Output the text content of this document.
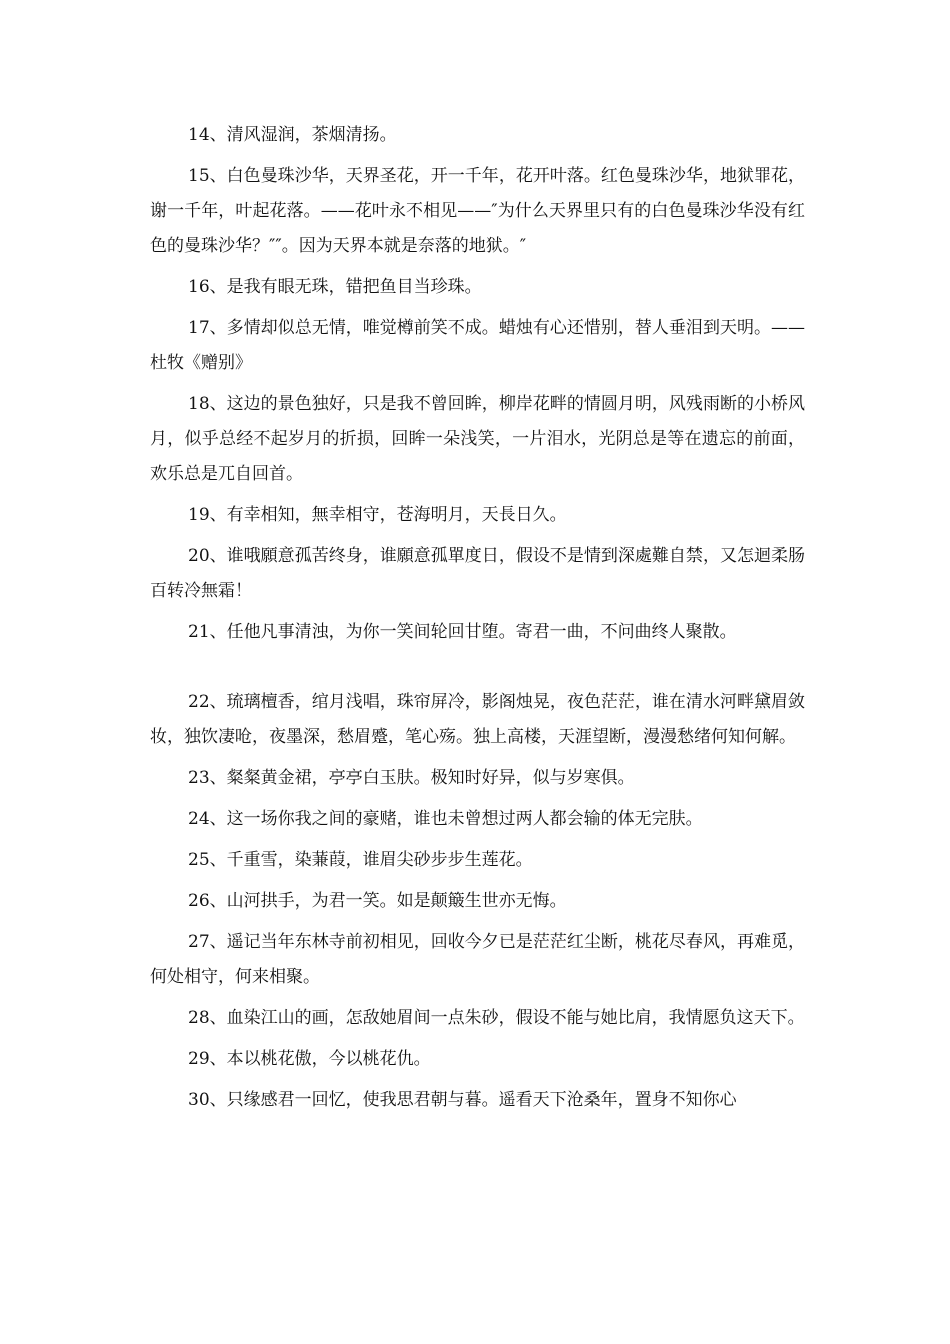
14、清风湿润，茶烟清扬。

15、白色曼珠沙华，天界圣花，开一千年，花开叶落。红色曼珠沙华，地狱罪花，谢一千年，叶起花落。——花叶永不相见——″为什么天界里只有的白色曼珠沙华没有红色的曼珠沙华？″″。因为天界本就是奈落的地狱。″

16、是我有眼无珠，错把鱼目当珍珠。

17、多情却似总无情，唯觉樽前笑不成。蜡烛有心还惜别，替人垂泪到天明。——杜牧《赠别》

18、这边的景色独好，只是我不曾回眸，柳岸花畔的情圆月明，风残雨断的小桥风月，似乎总经不起岁月的折损，回眸一朵浅笑，一片泪水，光阴总是等在遗忘的前面，欢乐总是兀自回首。

19、有幸相知，無幸相守，苍海明月，天長日久。

20、谁哦願意孤苦终身，谁願意孤單度日，假设不是情到深處難自禁，又怎迴柔肠百转冷無霜！

21、任他凡事清浊，为你一笑间轮回甘堕。寄君一曲，不问曲终人聚散。

22、琉璃檀香，绾月浅唱，珠帘屏冷，影阁烛晃，夜色茫茫，谁在清水河畔黛眉敛妆，独饮凄呛，夜墨深，愁眉蹙，笔心殇。独上高楼，天涯望断，漫漫愁绪何知何解。

23、粲粲黄金裙，亭亭白玉肤。极知时好异，似与岁寒俱。

24、这一场你我之间的豪赌，谁也未曾想过两人都会输的体无完肤。

25、千重雪，染蒹葭，谁眉尖砂步步生莲花。

26、山河拱手，为君一笑。如是颠簸生世亦无悔。

27、遥记当年东林寺前初相见，回收今夕已是茫茫红尘断，桃花尽春风，再难觅，何处相守，何来相聚。

28、血染江山的画，怎敌她眉间一点朱砂，假设不能与她比肩，我情愿负这天下。

29、本以桃花傲，今以桃花仇。

30、只缘感君一回忆，使我思君朝与暮。遥看天下沧桑年，置身不知你心
